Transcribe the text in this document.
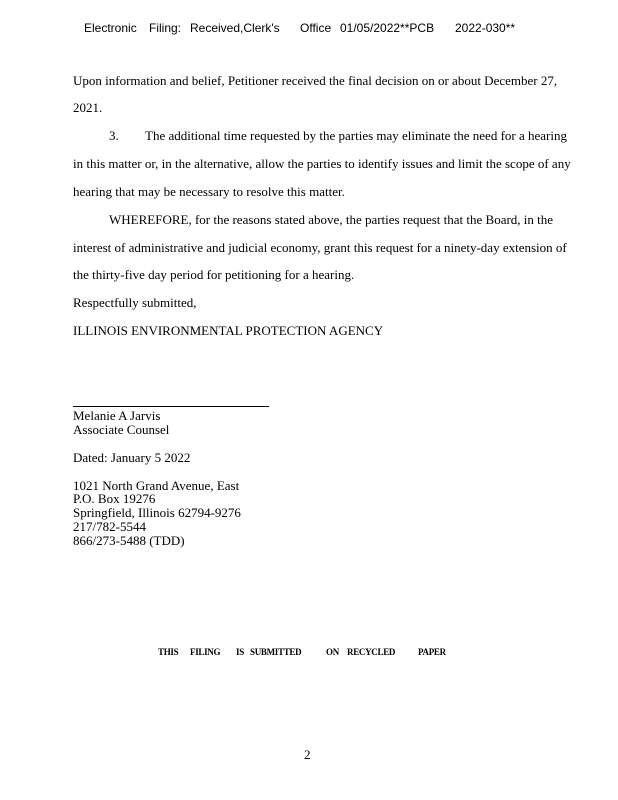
Electronic Filing: Received,Clerk's Office 01/05/2022**PCB 2022-030**
Upon information and belief, Petitioner received the final decision on or about December 27,
2021.
3. The additional time requested by the parties may eliminate the need for a hearing
in this matter or, in the alternative, allow the parties to identify issues and limit the scope of any
hearing that may be necessary to resolve this matter.
WHEREFORE, for the reasons stated above, the parties request that the Board, in the
interest of administrative and judicial economy, grant this request for a ninety-day extension of
the thirty-five day period for petitioning for a hearing.
Respectfully submitted,
ILLINOIS ENVIRONMENTAL PROTECTION AGENCY
Melanie A Jarvis
Associate Counsel
Dated: January 5 2022
1021 North Grand Avenue, East
P.O. Box 19276
Springfield, Illinois 62794-9276
217/782-5544
866/273-5488 (TDD)
THIS FILING IS SUBMITTED	ON RECYCLED	PAPER
2
